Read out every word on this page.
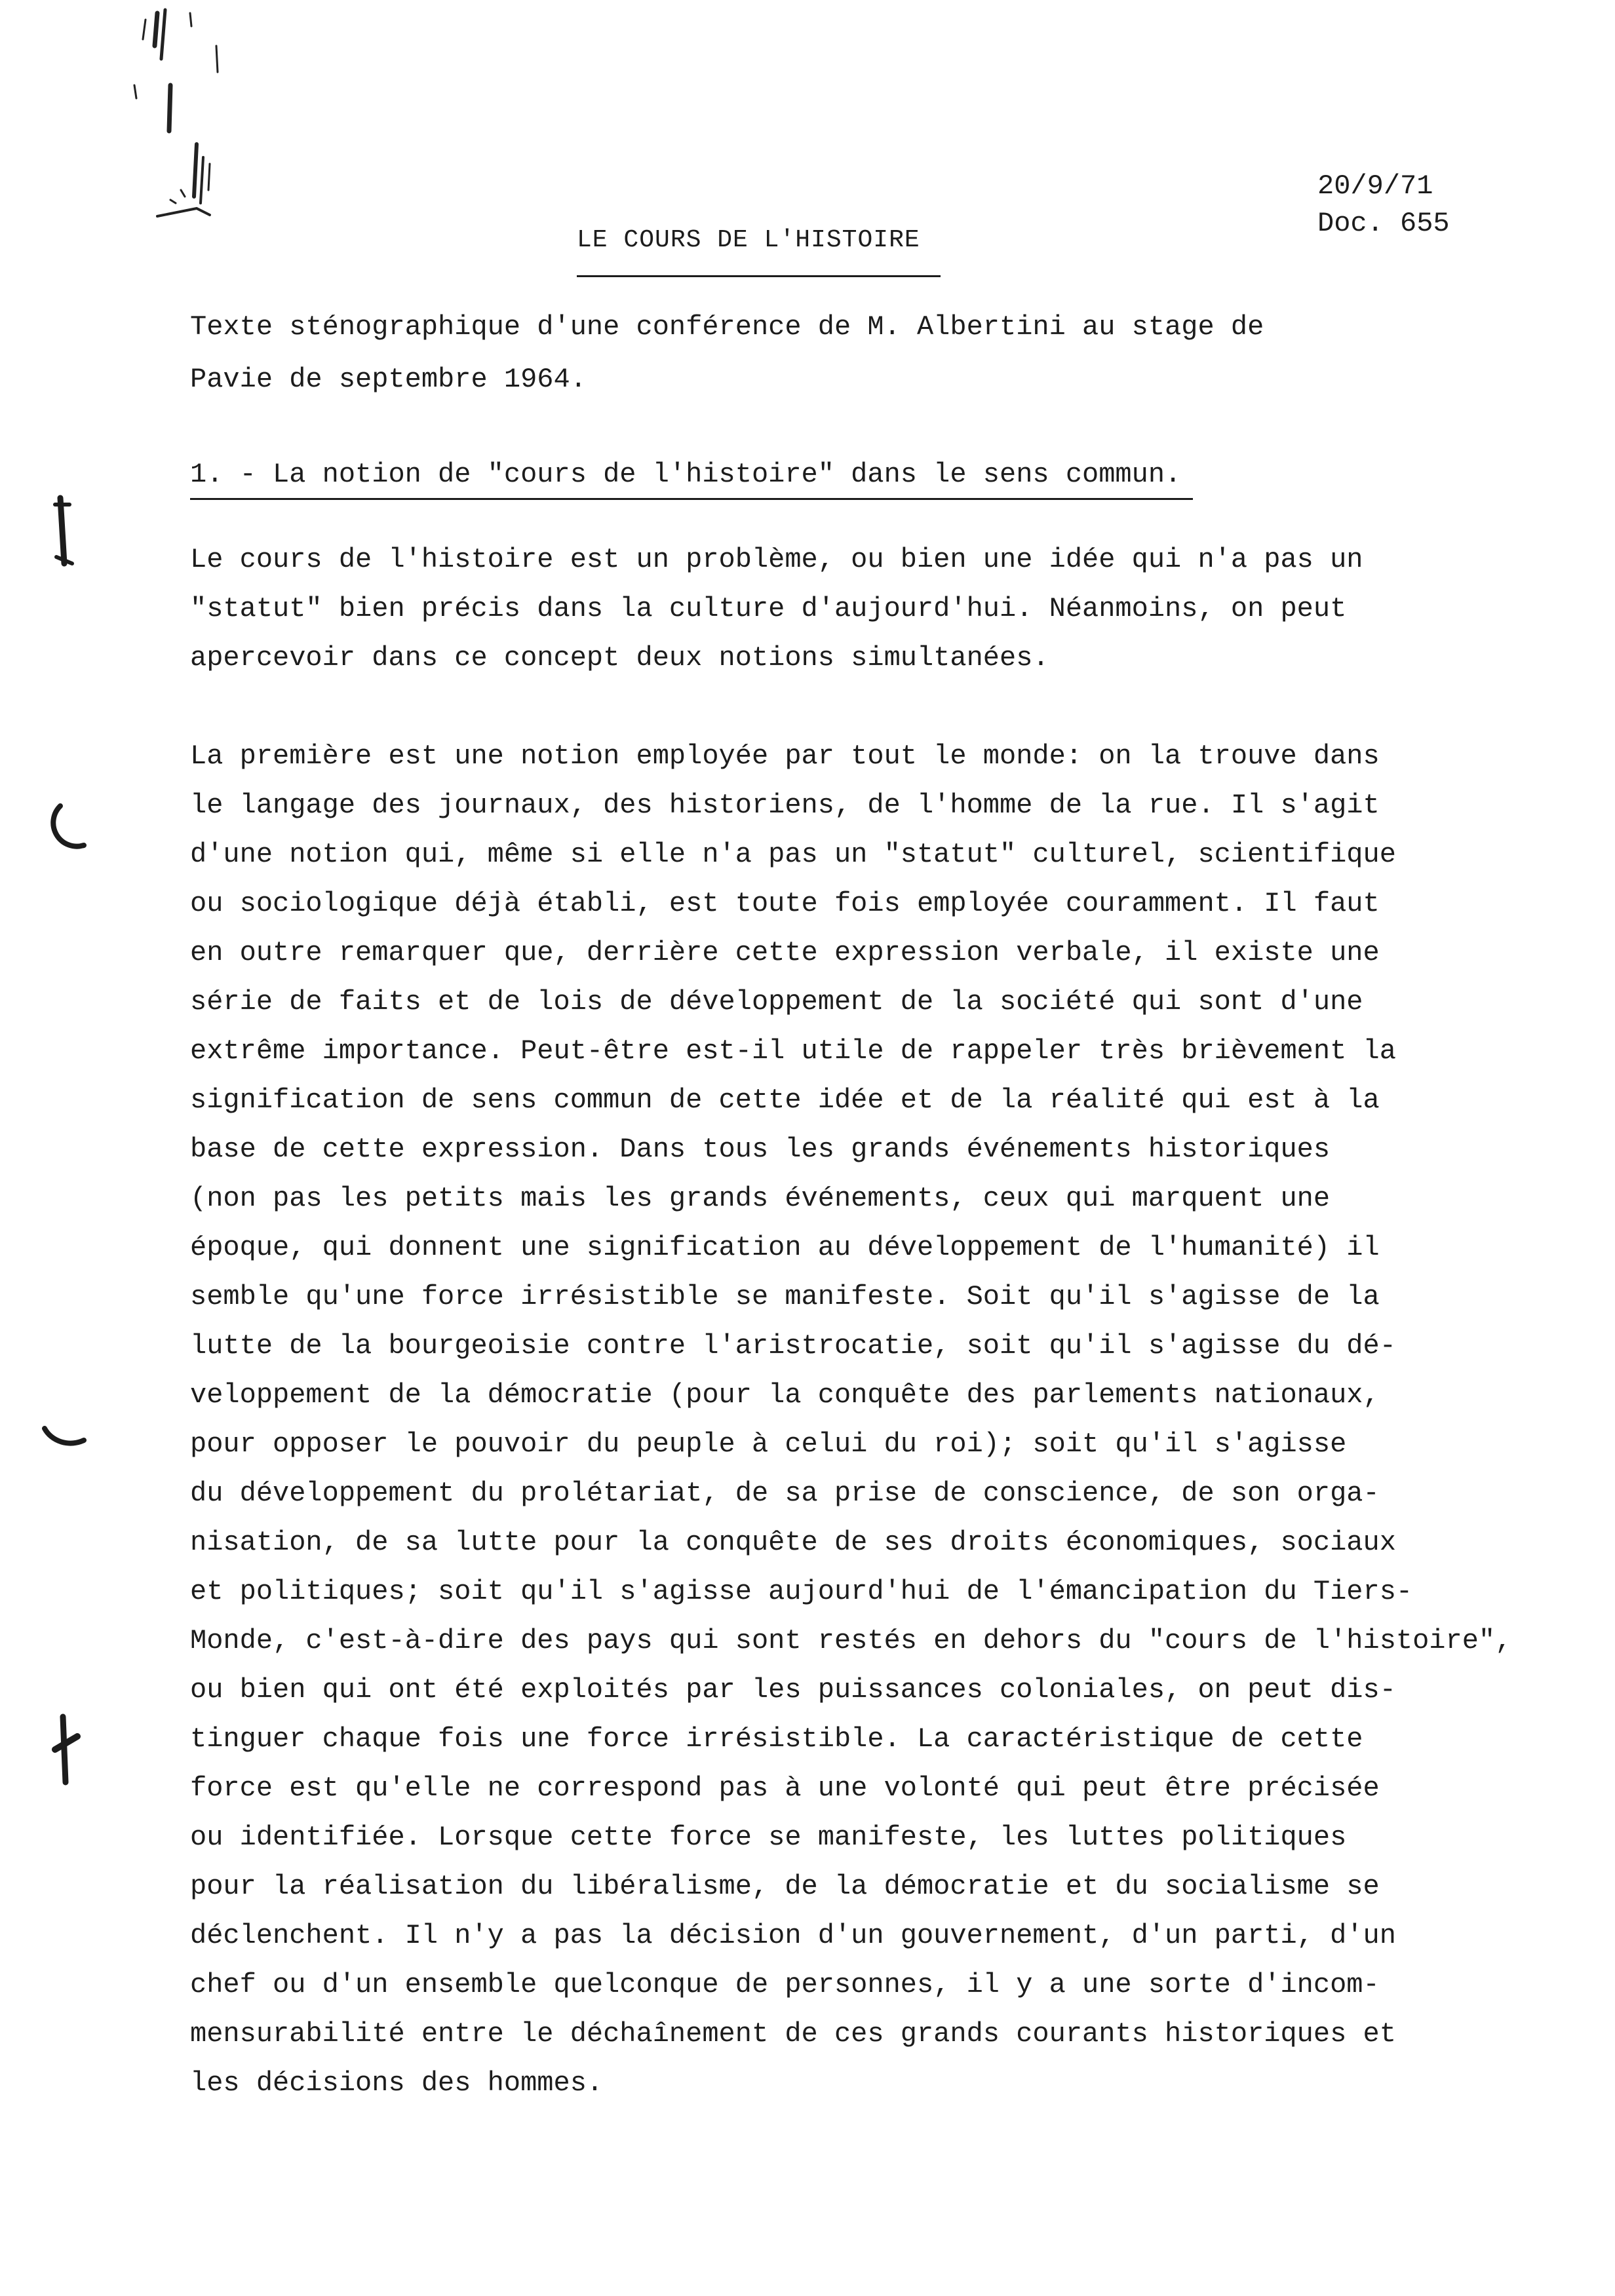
20/9/71
Doc. 655
LE COURS DE L'HISTOIRE
Texte sténographique d'une conférence de M. Albertini au stage de
Pavie de septembre 1964.
1. - La notion de "cours de l'histoire" dans le sens commun.
Le cours de l'histoire est un problème, ou bien une idée qui n'a pas un
"statut" bien précis dans la culture d'aujourd'hui. Néanmoins, on peut
apercevoir dans ce concept deux notions simultanées.
La première est une notion employée par tout le monde: on la trouve dans
le langage des journaux, des historiens, de l'homme de la rue. Il s'agit
d'une notion qui, même si elle n'a pas un "statut" culturel, scientifique
ou sociologique déjà établi, est toute fois employée couramment. Il faut
en outre remarquer que, derrière cette expression verbale, il existe une
série de faits et de lois de développement de la société qui sont d'une
extrême importance. Peut-être est-il utile de rappeler très brièvement la
signification de sens commun de cette idée et de la réalité qui est à la
base de cette expression. Dans tous les grands événements historiques
(non pas les petits mais les grands événements, ceux qui marquent une
époque, qui donnent une signification au développement de l'humanité) il
semble qu'une force irrésistible se manifeste. Soit qu'il s'agisse de la
lutte de la bourgeoisie contre l'aristrocatie, soit qu'il s'agisse du dé-
veloppement de la démocratie (pour la conquête des parlements nationaux,
pour opposer le pouvoir du peuple à celui du roi); soit qu'il s'agisse
du développement du prolétariat, de sa prise de conscience, de son orga-
nisation, de sa lutte pour la conquête de ses droits économiques, sociaux
et politiques; soit qu'il s'agisse aujourd'hui de l'émancipation du Tiers-
Monde, c'est-à-dire des pays qui sont restés en dehors du "cours de l'histoire",
ou bien qui ont été exploités par les puissances coloniales, on peut dis-
tinguer chaque fois une force irrésistible. La caractéristique de cette
force est qu'elle ne correspond pas à une volonté qui peut être précisée
ou identifiée. Lorsque cette force se manifeste, les luttes politiques
pour la réalisation du libéralisme, de la démocratie et du socialisme se
déclenchent. Il n'y a pas la décision d'un gouvernement, d'un parti, d'un
chef ou d'un ensemble quelconque de personnes, il y a une sorte d'incom-
mensurabilité entre le déchaînement de ces grands courants historiques et
les décisions des hommes.
